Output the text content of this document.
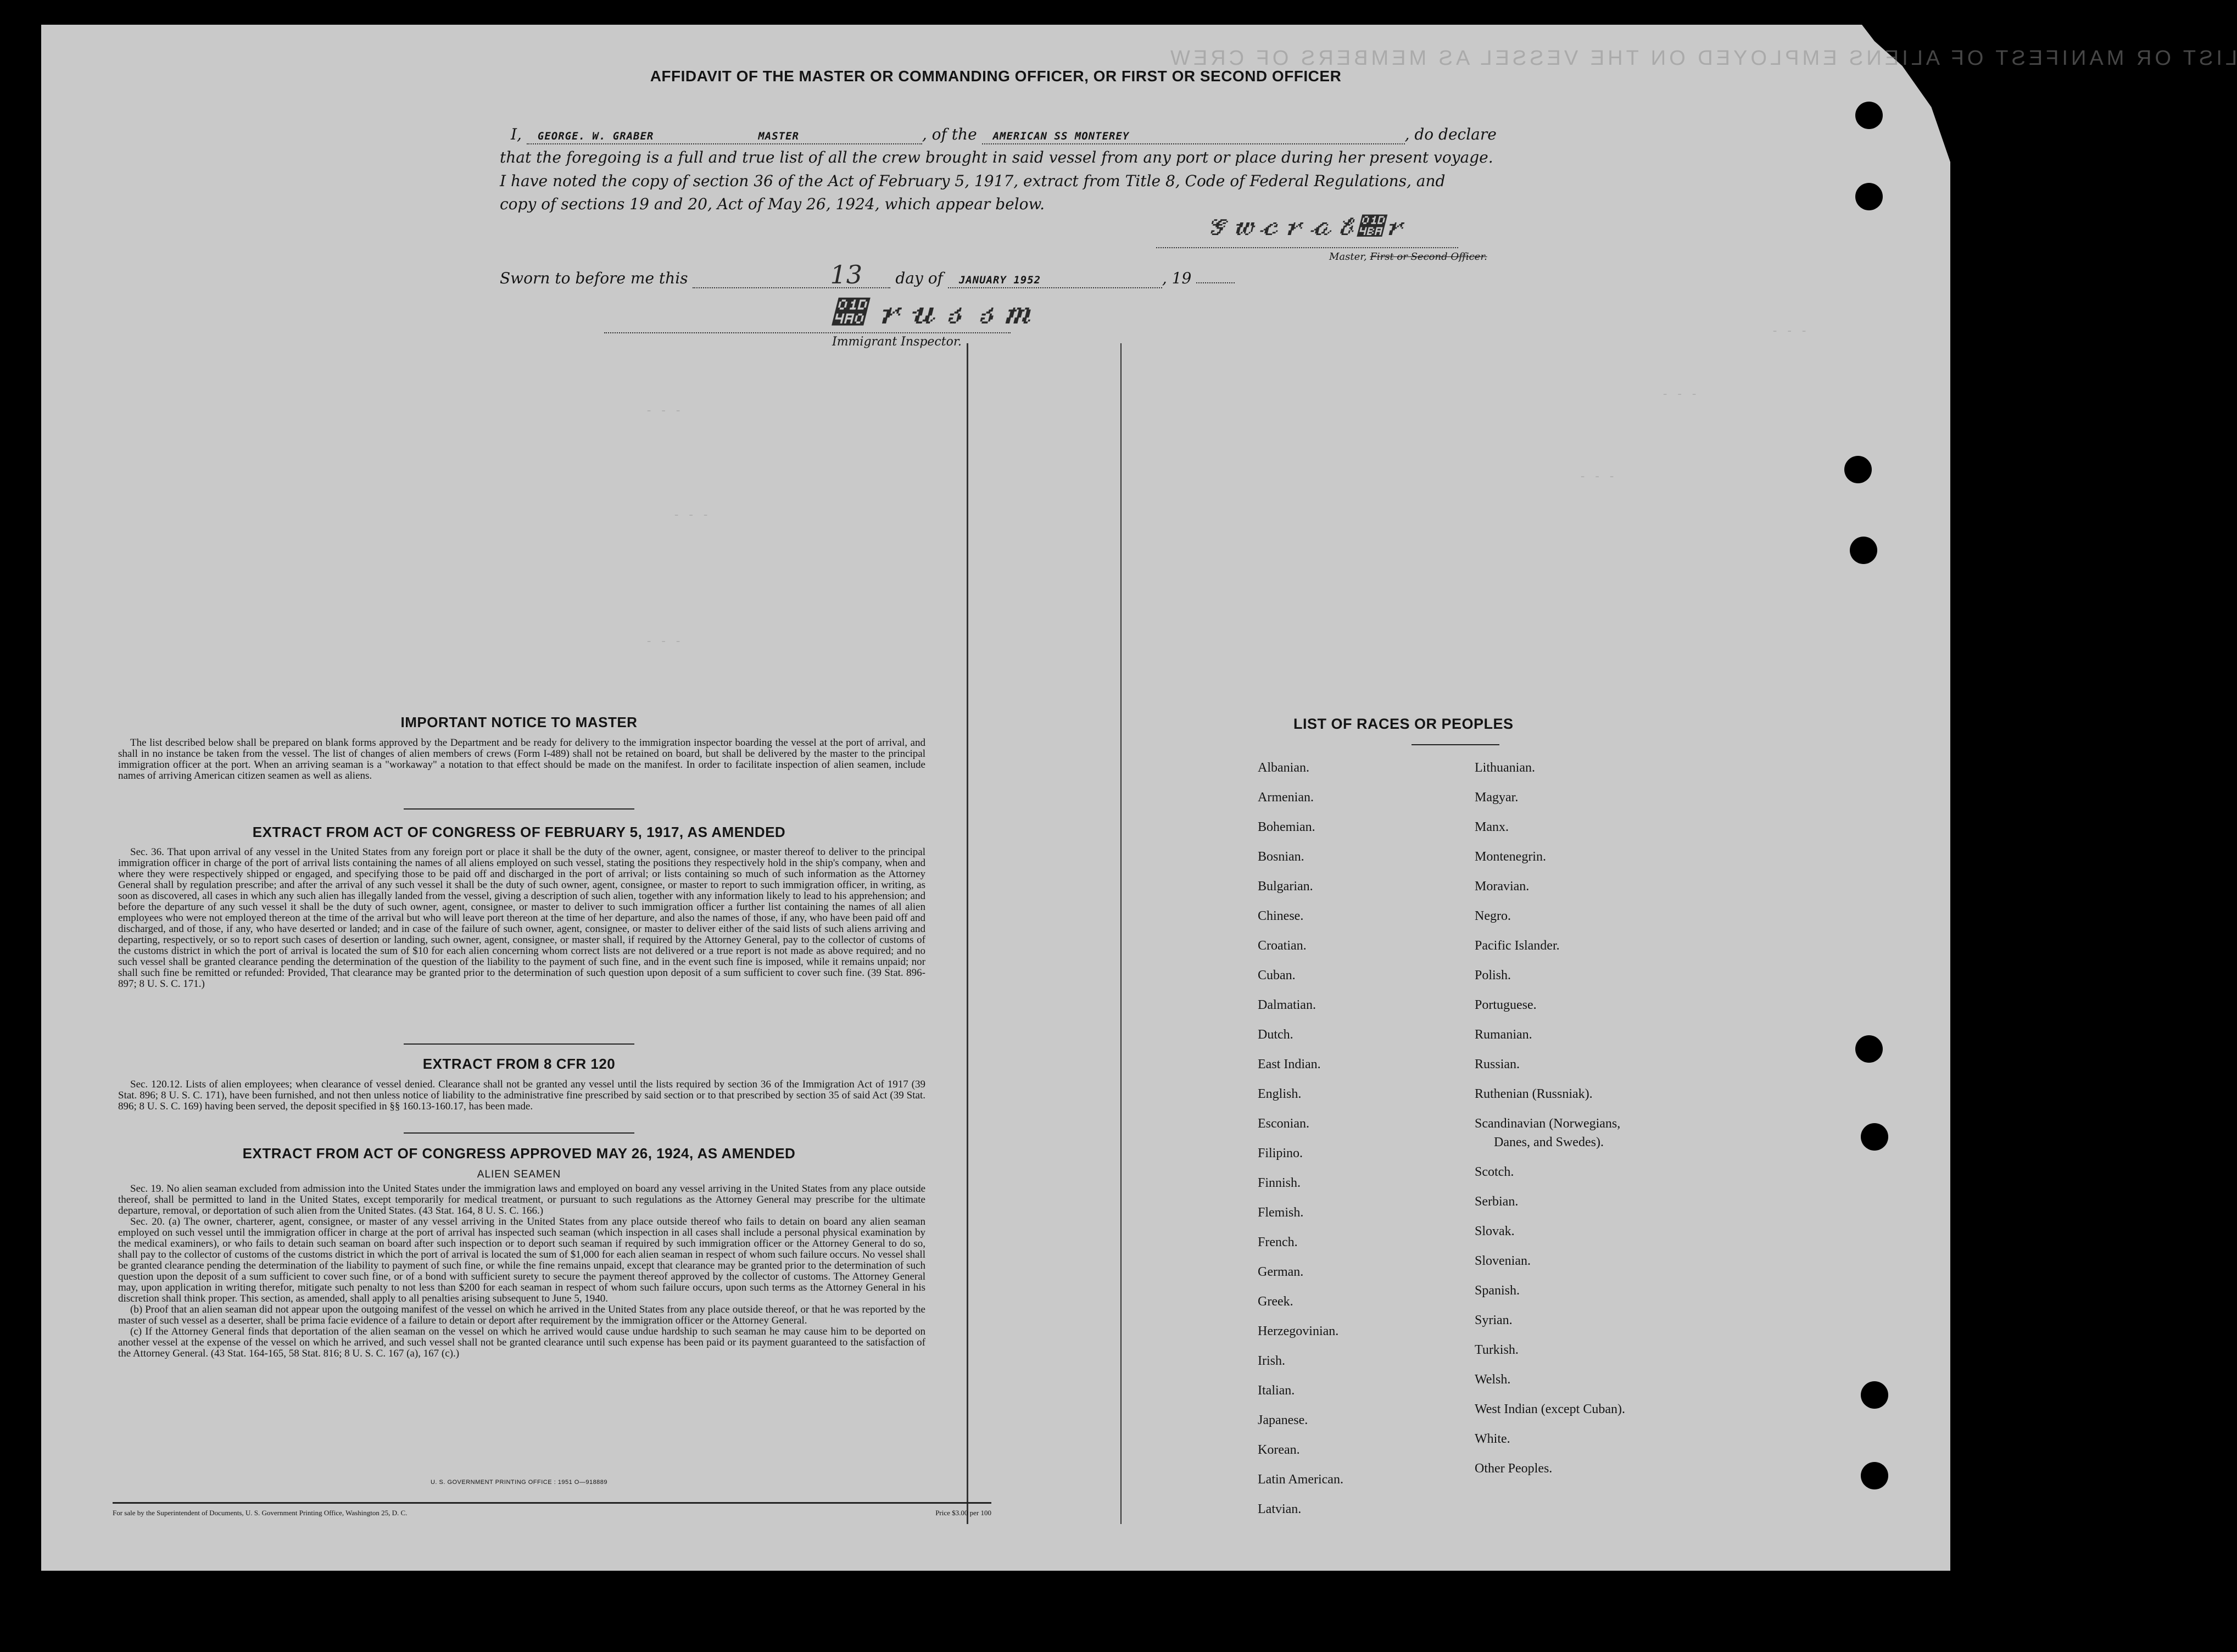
LIST OR MANIFEST OF ALIENS EMPLOYED ON THE VESSEL AS MEMBERS OF CREW
- - -
- - -
- - -
- - -
- - -
- - -
AFFIDAVIT OF THE MASTER OR COMMANDING OFFICER, OR FIRST OR SECOND OFFICER
I, GEORGE. W. GRABER	MASTER	, of the AMERICAN SS MONTEREY	, do declare
that the foregoing is a full and true list of all the crew brought in said vessel from any port or place during her present voyage.
I have noted the copy of section 36 of the Act of February 5, 1917, extract from Title 8, Code of Federal Regulations, and
copy of sections 19 and 20, Act of May 26, 1924, which appear below.
𝒢𝓌𝒸𝓇𝒶𝒷𝒺𝓇
Master, First or Second Officer.
Sworn to before me this	13 day of JANUARY 1952	, 19
𝒠 𝓇𝓊𝓈𝓈𝓂
Immigrant Inspector.
IMPORTANT NOTICE TO MASTER

The list described below shall be prepared on blank forms approved by the Department and be ready for delivery to the immigration inspector boarding the vessel at the port of arrival, and shall in no instance be taken from the vessel. The list of changes of alien members of crews (Form I-489) shall not be retained on board, but shall be delivered by the master to the principal immigration officer at the port. When an arriving seaman is a "workaway" a notation to that effect should be made on the manifest. In order to facilitate inspection of alien seamen, include names of arriving American citizen seamen as well as aliens.

EXTRACT FROM ACT OF CONGRESS OF FEBRUARY 5, 1917, AS AMENDED

Sec. 36. That upon arrival of any vessel in the United States from any foreign port or place it shall be the duty of the owner, agent, consignee, or master thereof to deliver to the principal immigration officer in charge of the port of arrival lists containing the names of all aliens employed on such vessel, stating the positions they respectively hold in the ship's company, when and where they were respectively shipped or engaged, and specifying those to be paid off and discharged in the port of arrival; or lists containing so much of such information as the Attorney General shall by regulation prescribe; and after the arrival of any such vessel it shall be the duty of such owner, agent, consignee, or master to report to such immigration officer, in writing, as soon as discovered, all cases in which any such alien has illegally landed from the vessel, giving a description of such alien, together with any information likely to lead to his apprehension; and before the departure of any such vessel it shall be the duty of such owner, agent, consignee, or master to deliver to such immigration officer a further list containing the names of all alien employees who were not employed thereon at the time of the arrival but who will leave port thereon at the time of her departure, and also the names of those, if any, who have been paid off and discharged, and of those, if any, who have deserted or landed; and in case of the failure of such owner, agent, consignee, or master to deliver either of the said lists of such aliens arriving and departing, respectively, or so to report such cases of desertion or landing, such owner, agent, consignee, or master shall, if required by the Attorney General, pay to the collector of customs of the customs district in which the port of arrival is located the sum of $10 for each alien concerning whom correct lists are not delivered or a true report is not made as above required; and no such vessel shall be granted clearance pending the determination of the question of the liability to the payment of such fine, and in the event such fine is imposed, while it remains unpaid; nor shall such fine be remitted or refunded: Provided, That clearance may be granted prior to the determination of such question upon deposit of a sum sufficient to cover such fine. (39 Stat. 896-897; 8 U. S. C. 171.)

EXTRACT FROM 8 CFR 120

Sec. 120.12. Lists of alien employees; when clearance of vessel denied. Clearance shall not be granted any vessel until the lists required by section 36 of the Immigration Act of 1917 (39 Stat. 896; 8 U. S. C. 171), have been furnished, and not then unless notice of liability to the administrative fine prescribed by said section or to that prescribed by section 35 of said Act (39 Stat. 896; 8 U. S. C. 169) having been served, the deposit specified in §§ 160.13-160.17, has been made.

EXTRACT FROM ACT OF CONGRESS APPROVED MAY 26, 1924, AS AMENDED
ALIEN SEAMEN

Sec. 19. No alien seaman excluded from admission into the United States under the immigration laws and employed on board any vessel arriving in the United States from any place outside thereof, shall be permitted to land in the United States, except temporarily for medical treatment, or pursuant to such regulations as the Attorney General may prescribe for the ultimate departure, removal, or deportation of such alien from the United States. (43 Stat. 164, 8 U. S. C. 166.)

Sec. 20. (a) The owner, charterer, agent, consignee, or master of any vessel arriving in the United States from any place outside thereof who fails to detain on board any alien seaman employed on such vessel until the immigration officer in charge at the port of arrival has inspected such seaman (which inspection in all cases shall include a personal physical examination by the medical examiners), or who fails to detain such seaman on board after such inspection or to deport such seaman if required by such immigration officer or the Attorney General to do so, shall pay to the collector of customs of the customs district in which the port of arrival is located the sum of $1,000 for each alien seaman in respect of whom such failure occurs. No vessel shall be granted clearance pending the determination of the liability to payment of such fine, or while the fine remains unpaid, except that clearance may be granted prior to the determination of such question upon the deposit of a sum sufficient to cover such fine, or of a bond with sufficient surety to secure the payment thereof approved by the collector of customs. The Attorney General may, upon application in writing therefor, mitigate such penalty to not less than $200 for each seaman in respect of whom such failure occurs, upon such terms as the Attorney General in his discretion shall think proper. This section, as amended, shall apply to all penalties arising subsequent to June 5, 1940.

(b) Proof that an alien seaman did not appear upon the outgoing manifest of the vessel on which he arrived in the United States from any place outside thereof, or that he was reported by the master of such vessel as a deserter, shall be prima facie evidence of a failure to detain or deport after requirement by the immigration officer or the Attorney General.

(c) If the Attorney General finds that deportation of the alien seaman on the vessel on which he arrived would cause undue hardship to such seaman he may cause him to be deported on another vessel at the expense of the vessel on which he arrived, and such vessel shall not be granted clearance until such expense has been paid or its payment guaranteed to the satisfaction of the Attorney General. (43 Stat. 164-165, 58 Stat. 816; 8 U. S. C. 167 (a), 167 (c).)

U. S. GOVERNMENT PRINTING OFFICE : 1951 O—918889
For sale by the Superintendent of Documents, U. S. Government Printing Office, Washington 25, D. C.	Price $3.00 per 100
LIST OF RACES OR PEOPLES
Albanian.
Armenian.
Bohemian.
Bosnian.
Bulgarian.
Chinese.
Croatian.
Cuban.
Dalmatian.
Dutch.
East Indian.
English.
Esconian.
Filipino.
Finnish.
Flemish.
French.
German.
Greek.
Herzegovinian.
Irish.
Italian.
Japanese.
Korean.
Latin American.
Latvian.
Lithuanian.
Magyar.
Manx.
Montenegrin.
Moravian.
Negro.
Pacific Islander.
Polish.
Portuguese.
Rumanian.
Russian.
Ruthenian (Russniak).
Scandinavian (Norwegians,
Danes, and Swedes).
Scotch.
Serbian.
Slovak.
Slovenian.
Spanish.
Syrian.
Turkish.
Welsh.
West Indian (except Cuban).
White.
Other Peoples.
